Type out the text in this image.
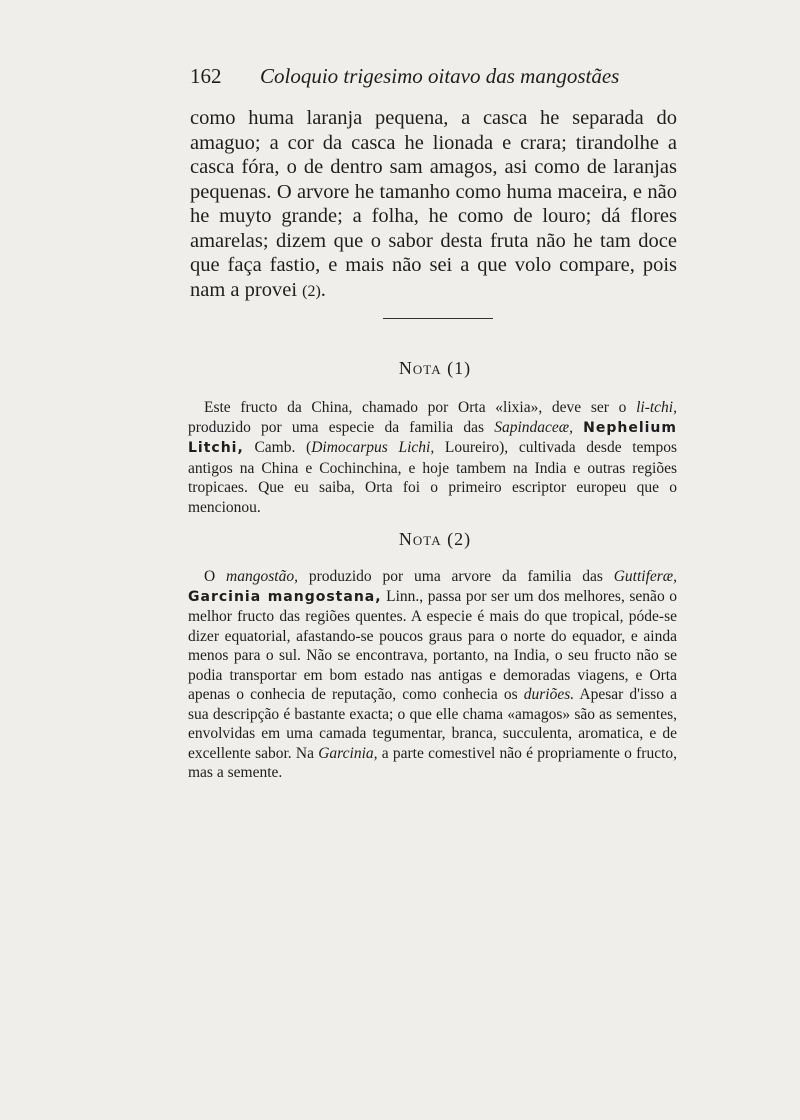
162 Coloquio trigesimo oitavo das mangostães

como huma laranja pequena, a casca he separada do amaguo; a cor da casca he lionada e crara; tirandolhe a casca fóra, o de dentro sam amagos, asi como de laranjas pequenas. O arvore he tamanho como huma maceira, e não he muyto grande; a folha, he como de louro; dá flores amarelas; dizem que o sabor desta fruta não he tam doce que faça fastio, e mais não sei a que volo compare, pois nam a provei (2).

Nota (1)

Este fructo da China, chamado por Orta «lixia», deve ser o li-tchi, produzido por uma especie da familia das Sapindaceæ, Nephelium Litchi, Camb. (Dimocarpus Lichi, Loureiro), cultivada desde tempos antigos na China e Cochinchina, e hoje tambem na India e outras regiões tropicaes. Que eu saiba, Orta foi o primeiro escriptor europeu que o mencionou.

Nota (2)

O mangostão, produzido por uma arvore da familia das Guttiferæ, Garcinia mangostana, Linn., passa por ser um dos melhores, senão o melhor fructo das regiões quentes. A especie é mais do que tropical, póde-se dizer equatorial, afastando-se poucos graus para o norte do equador, e ainda menos para o sul. Não se encontrava, portanto, na India, o seu fructo não se podia transportar em bom estado nas antigas e demoradas viagens, e Orta apenas o conhecia de reputação, como conhecia os duriões. Apesar d'isso a sua descripção é bastante exacta; o que elle chama «amagos» são as sementes, envolvidas em uma camada tegumentar, branca, succulenta, aromatica, e de excellente sabor. Na Garcinia, a parte comestivel não é propriamente o fructo, mas a semente.
